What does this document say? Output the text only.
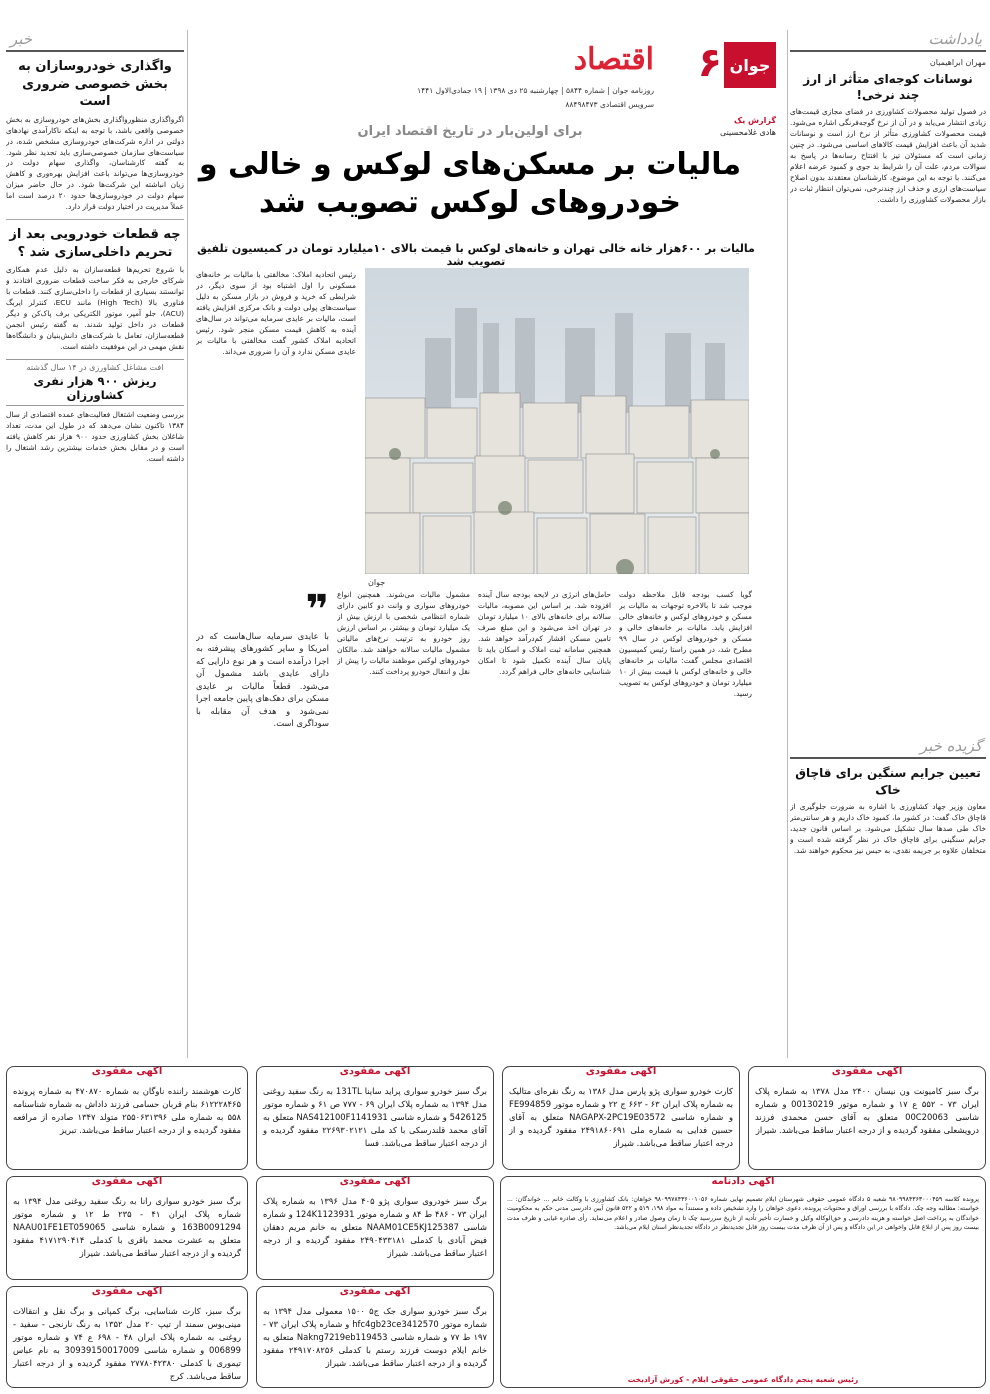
خبر
واگذاری خودروسازان به بخش خصوصی ضروری است
اگرواگذاری منظورواگذاری بخش‌های خودروسازی به بخش خصوصی واقعی باشد، با توجه به اینکه ناکارآمدی نهادهای دولتی در اداره شرکت‌های خودروسازی مشخص شده، در سیاست‌های سازمان خصوصی‌سازی باید تجدید نظر شود. به گفته کارشناسان، واگذاری سهام دولت در خودروسازی‌ها می‌تواند باعث افزایش بهره‌وری و کاهش زیان انباشته این شرکت‌ها شود. در حال حاضر میزان سهام دولت در خودروسازی‌ها حدود ۲۰ درصد است اما عملاً مدیریت در اختیار دولت قرار دارد.
چه قطعات خودرویی بعد از تحریم داخلی‌سازی شد ؟
با شروع تحریم‌ها قطعه‌سازان به دلیل عدم همکاری شرکای خارجی به فکر ساخت قطعات ضروری افتادند و توانستند بسیاری از قطعات را داخلی‌سازی کنند. قطعات با فناوری بالا (High Tech) مانند ECU، کنترلر ایربگ (ACU)، جلو آمپر، موتور الکتریکی برف پاک‌کن و دیگر قطعات در داخل تولید شدند. به گفته رئیس انجمن قطعه‌سازان، تعامل با شرکت‌های دانش‌بنیان و دانشگاه‌ها نقش مهمی در این موفقیت داشته است.
افت مشاغل کشاورزی در ۱۴ سال گذشته
ریزش ۹۰۰ هزار نفری کشاورزان
بررسی وضعیت اشتغال فعالیت‌های عمده اقتصادی از سال ۱۳۸۴ تاکنون نشان می‌دهد که در طول این مدت، تعداد شاغلان بخش کشاورزی حدود ۹۰۰ هزار نفر کاهش یافته است و در مقابل بخش خدمات بیشترین رشد اشتغال را داشته است.
یادداشت
مهران ابراهیمیان
نوسانات کوجه‌ای متأثر از ارز چند نرخی!
در فصول تولید محصولات کشاورزی در فضای مجازی قیمت‌های زیادی انتشار می‌یابد و در آن از نرخ گوجه‌فرنگی اشاره می‌شود. قیمت محصولات کشاورزی متأثر از نرخ ارز است و نوسانات شدید آن باعث افزایش قیمت کالاهای اساسی می‌شود. در چنین زمانی است که مسئولان تیز با افتتاح رسانه‌ها در پاسخ به سوالات مردم، علت آن را شرایط بد جوی و کمبود عرضه اعلام می‌کنند. با توجه به این موضوع، کارشناسان معتقدند بدون اصلاح سیاست‌های ارزی و حذف ارز چندنرخی، نمی‌توان انتظار ثبات در بازار محصولات کشاورزی را داشت.
گزیده خبر
تعیین جرایم سنگین برای قاچاق خاک
معاون وزیر جهاد کشاورزی با اشاره به ضرورت جلوگیری از قاچاق خاک گفت: در کشور ما، کمبود خاک داریم و هر سانتی‌متر خاک طی صدها سال تشکیل می‌شود. بر اساس قانون جدید، جرایم سنگینی برای قاچاق خاک در نظر گرفته شده است و متخلفان علاوه بر جریمه نقدی، به حبس نیز محکوم خواهند شد.
جوان
۶
اقتصاد
روزنامه جوان | شماره ۵۸۴۴ | چهارشنبه ۲۵ دی ۱۳۹۸ | ۱۹ جمادی‌الاول ۱۴۴۱
سرویس اقتصادی ۸۸۴۹۸۴۷۳
گزارش یک
هادی غلامحسینی
برای اولین‌بار در تاریخ اقتصاد ایران
مالیات بر مسکن‌های لوکس و خالی و خودروهای لوکس تصویب شد
مالیات بر ۶۰۰هزار خانه خالی تهران و خانه‌های لوکس با قیمت بالای ۱۰میلیارد تومان در کمیسیون تلفیق تصویب شد
رئیس اتحادیه املاک: مخالفتی با مالیات بر خانه‌های مسکونی را اول اشتباه بود از سوی دیگر، در شرایطی که خرید و فروش در بازار مسکن به دلیل سیاست‌های پولی دولت و بانک مرکزی افزایش یافته است، مالیات بر عایدی سرمایه می‌تواند در سال‌های آینده به کاهش قیمت مسکن منجر شود. رئیس اتحادیه املاک کشور گفت مخالفتی با مالیات بر عایدی مسکن ندارد و آن را ضروری می‌داند.
جوان
گویا کسب بودجه قابل ملاحظه دولت موجب شد تا بالاخره توجهات به مالیات بر مسکن و خودروهای لوکس و خانه‌های خالی افزایش یابد. مالیات بر خانه‌های خالی و مسکن و خودروهای لوکس در سال ۹۹ مطرح شد، در همین راستا رئیس کمیسیون اقتصادی مجلس گفت: مالیات بر خانه‌های خالی و خانه‌های لوکس با قیمت بیش از ۱۰ میلیارد تومان و خودروهای لوکس به تصویب رسید.
حامل‌های انرژی در لایحه بودجه سال آینده افزوده شد. بر اساس این مصوبه، مالیات سالانه برای خانه‌های بالای ۱۰ میلیارد تومان در تهران اخذ می‌شود و این مبلغ صرف تامین مسکن اقشار کم‌درآمد خواهد شد. همچنین سامانه ثبت املاک و اسکان باید تا پایان سال آینده تکمیل شود تا امکان شناسایی خانه‌های خالی فراهم گردد.
مشمول مالیات می‌شوند. همچنین انواع خودروهای سواری و وانت دو کابین دارای شماره انتظامی شخصی با ارزش بیش از یک میلیارد تومان و بیشتر، بر اساس ارزش روز خودرو به ترتیب نرخ‌های مالیاتی مشمول مالیات سالانه خواهند شد. مالکان خودروهای لوکس موظفند مالیات را پیش از نقل و انتقال خودرو پرداخت کنند.
❞
با عایدی سرمایه سال‌هاست که در امریکا و سایر کشورهای پیشرفته به اجرا درآمده است و هر نوع دارایی که دارای عایدی باشد مشمول آن می‌شود. قطعاً مالیات بر عایدی مسکن برای دهک‌های پایین جامعه اجرا نمی‌شود و هدف آن مقابله با سوداگری است.
آگهی مفقودی
برگ سبز کامیونت ون نیسان ۲۴۰۰ مدل ۱۳۷۸ به شماره پلاک ایران ۷۳ - ۵۵۲ ع ۱۷ و شماره موتور 00130219 و شماره شاسی 00C20063 متعلق به آقای حسن محمدی فرزند درویشعلی مفقود گردیده و از درجه اعتبار ساقط می‌باشد. شیراز
آگهی مفقودی
کارت خودرو سواری پژو پارس مدل ۱۳۸۶ به رنگ نقره‌ای متالیک به شماره پلاک ایران ۶۳ - ۶۶۳ ج ۲۲ و شماره موتور FE994859 و شماره شاسی NAGAPX-2PC19E03572 متعلق به آقای حسین فدایی به شماره ملی ۲۴۹۱۸۶۰۶۹۱ مفقود گردیده و از درجه اعتبار ساقط می‌باشد. شیراز
آگهی مفقودی
برگ سبز خودرو سواری پراید ساینا 131TL به رنگ سفید روغنی مدل ۱۳۹۴ به شماره پلاک ایران ۶۹ - ۷۷۷ ص ۶۱ و شماره موتور 5426125 و شماره شاسی NAS412100F1141931 متعلق به آقای محمد قلندرسکی با کد ملی ۲۲۶۹۳۰۲۱۲۱ مفقود گردیده و از درجه اعتبار ساقط می‌باشد. فسا
آگهی مفقودی
کارت هوشمند راننده ناوگان به شماره ۴۷۰۸۷۰ به شماره پرونده ۶۱۲۲۲۸۴۶۵ بنام قربان حسامی فرزند داداش به شماره شناسنامه ۵۵۸ به شماره ملی ۲۵۵۰۶۳۱۳۹۶ متولد ۱۳۴۷ صادره از مرافعه مفقود گردیده و از درجه اعتبار ساقط می‌باشد. تبریز
آگهی دادنامه
پرونده کلاسه ۹۸۰۹۹۸۴۳۶۳۰۰۰۴۵۹ شعبه ۵ دادگاه عمومی حقوقی شهرستان ایلام تصمیم نهایی شماره ۹۸۰۹۹۷۸۴۳۶۰۰۱۰۵۶ خواهان: بانک کشاورزی با وکالت خانم ... خواندگان: ... خواسته: مطالبه وجه چک. دادگاه با بررسی اوراق و محتویات پرونده، دعوی خواهان را وارد تشخیص داده و مستنداً به مواد ۱۹۸، ۵۱۹ و ۵۲۲ قانون آیین دادرسی مدنی حکم به محکومیت خواندگان به پرداخت اصل خواسته و هزینه دادرسی و حق‌الوکاله وکیل و خسارت تأخیر تأدیه از تاریخ سررسید چک تا زمان وصول صادر و اعلام می‌نماید. رأی صادره غیابی و ظرف مدت بیست روز پس از ابلاغ قابل واخواهی در این دادگاه و پس از آن ظرف مدت بیست روز قابل تجدیدنظر در دادگاه تجدیدنظر استان ایلام می‌باشد.
رئیس شعبه پنجم دادگاه عمومی حقوقی ایلام - کورش آزادبخت
آگهی مفقودی
برگ سبز خودروی سواری پژو ۴۰۵ مدل ۱۳۹۶ به شماره پلاک ایران ۷۳ - ۴۸۶ ط ۸۴ و شماره موتور 124K1123931 و شماره شاسی NAAM01CE5KJ125387 متعلق به خانم مریم دهقان فیض آبادی با کدملی ۲۴۹۰۴۳۳۱۸۱ مفقود گردیده و از درجه اعتبار ساقط می‌باشد. شیراز
آگهی مفقودی
برگ سبز خودرو سواری رانا به رنگ سفید روغنی مدل ۱۳۹۴ به شماره پلاک ایران ۴۱ - ۲۳۵ ط ۱۲ و شماره موتور 163B0091294 و شماره شاسی NAAU01FE1ET059065 متعلق به عشرت محمد باقری با کدملی ۴۱۷۱۲۹۰۴۱۴ مفقود گردیده و از درجه اعتبار ساقط می‌باشد. شیراز
آگهی مفقودی
برگ سبز خودرو سواری جک ج۵ ۱۵۰۰ معمولی مدل ۱۳۹۴ به شماره موتور hfc4gb23ce3412570 و شماره پلاک ایران ۷۳ - ۱۹۷ ط ۷۷ و شماره شاسی Nakng7219eb119453 متعلق به خانم ایلام دوست فرزند رستم با کدملی ۲۴۹۱۷۰۸۲۵۶ مفقود گردیده و از درجه اعتبار ساقط می‌باشد. شیراز
آگهی مفقودی
برگ سبز، کارت شناسایی، برگ کمپانی و برگ نقل و انتقالات مینی‌بوس سمند ار تیپ ۲۰ مدل ۱۳۵۲ به رنگ نارنجی - سفید - روغنی به شماره پلاک ایران ۴۸ - ۶۹۸ ع ۷۴ و شماره موتور 006899 و شماره شاسی 30939150017009 به نام عباس تیموری با کدملی ۲۷۷۸۰۴۲۳۸۰ مفقود گردیده و از درجه اعتبار ساقط می‌باشد. کرج
